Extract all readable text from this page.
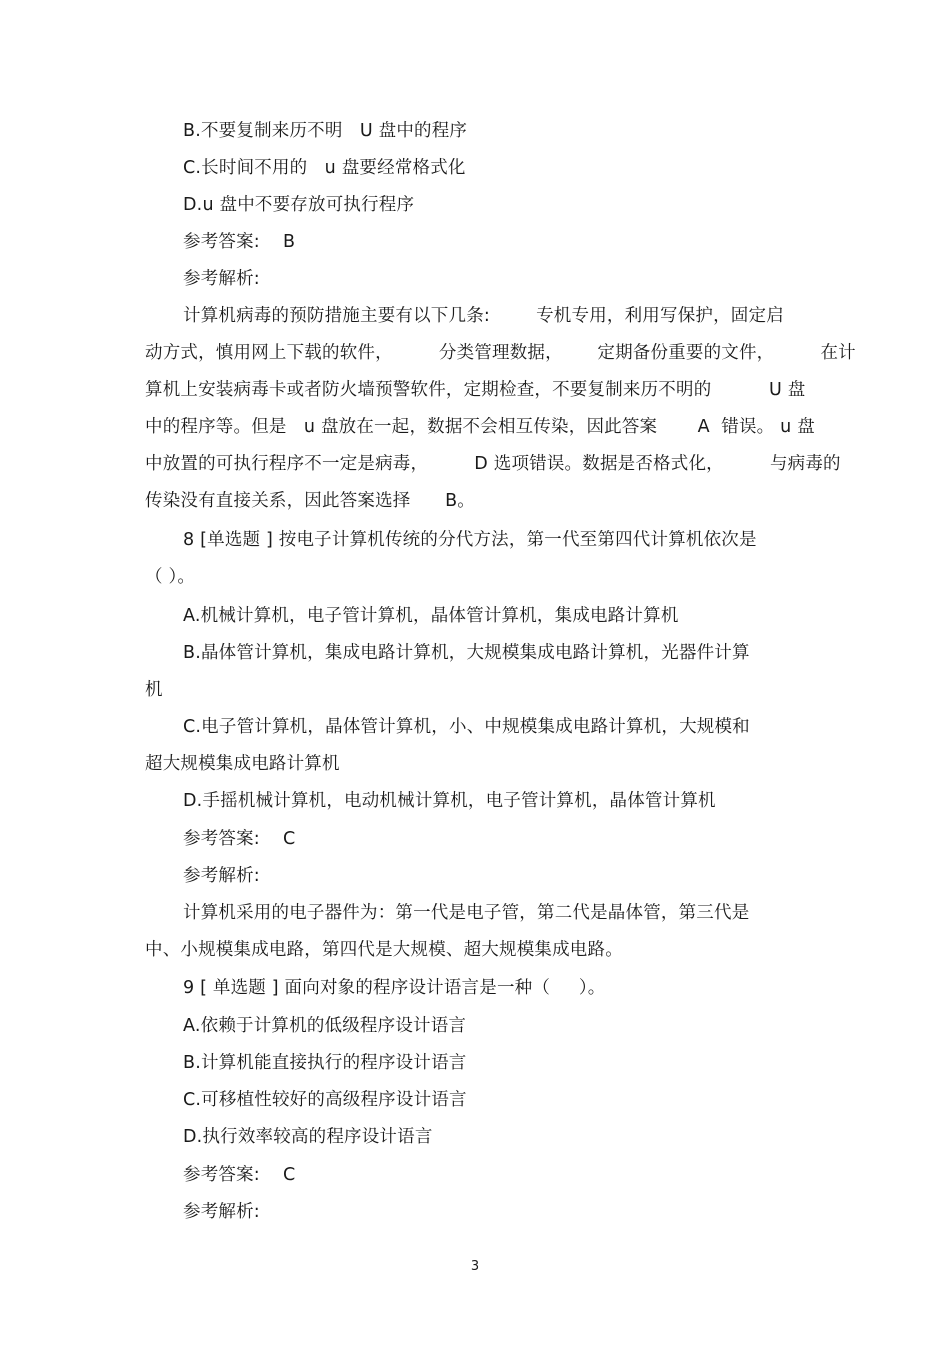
B.不要复制来历不明   U 盘中的程序
C.长时间不用的   u 盘要经常格式化
D.u 盘中不要存放可执行程序
参考答案:    B
参考解析:
计算机病毒的预防措施主要有以下几条:        专机专用，利用写保护，固定启
动方式，慎用网上下载的软件，        分类管理数据，      定期备份重要的文件，        在计
算机上安装病毒卡或者防火墙预警软件，定期检查，不要复制来历不明的          U 盘
中的程序等。但是   u 盘放在一起，数据不会相互传染，因此答案       A  错误。 u 盘
中放置的可执行程序不一定是病毒，        D 选项错误。数据是否格式化，        与病毒的
传染没有直接关系，因此答案选择      B。
8 [单选题 ] 按电子计算机传统的分代方法，第一代至第四代计算机依次是
（ ）。
A.机械计算机，电子管计算机，晶体管计算机，集成电路计算机
B.晶体管计算机，集成电路计算机，大规模集成电路计算机，光器件计算
机
C.电子管计算机，晶体管计算机，小、中规模集成电路计算机，大规模和
超大规模集成电路计算机
D.手摇机械计算机，电动机械计算机，电子管计算机，晶体管计算机
参考答案:    C
参考解析:
计算机采用的电子器件为：第一代是电子管，第二代是晶体管，第三代是
中、小规模集成电路，第四代是大规模、超大规模集成电路。
9 [ 单选题 ] 面向对象的程序设计语言是一种（     ）。
A.依赖于计算机的低级程序设计语言
B.计算机能直接执行的程序设计语言
C.可移植性较好的高级程序设计语言
D.执行效率较高的程序设计语言
参考答案:    C
参考解析:
3
